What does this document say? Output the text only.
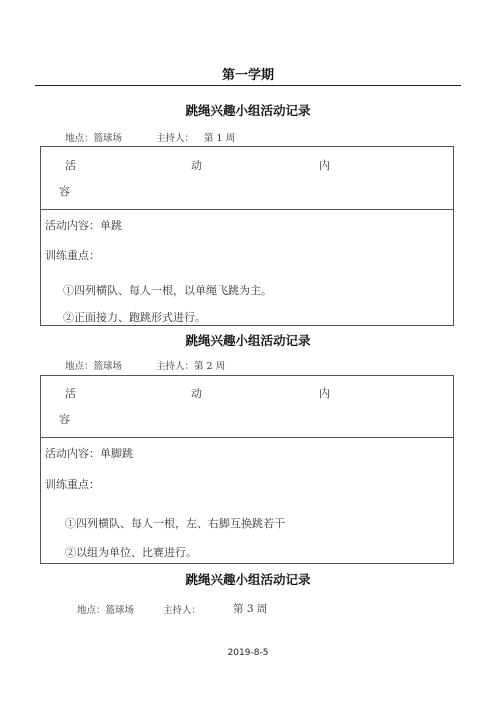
第一学期
跳绳兴趣小组活动记录
地点：篮球场	主持人： 第 1 周
活	动	内
容
活动内容：单跳
训练重点：
①四列横队、每人一根，以单绳飞跳为主。
②正面接力、跑跳形式进行。
跳绳兴趣小组活动记录
地点：篮球场	主持人：第 2 周
活	动	内
容
活动内容：单脚跳
训练重点：
①四列横队、每人一根，左、右脚互换跳若干
②以组为单位、比赛进行。
跳绳兴趣小组活动记录
地点：篮球场	主持人：	第 3 周
2019-8-5
